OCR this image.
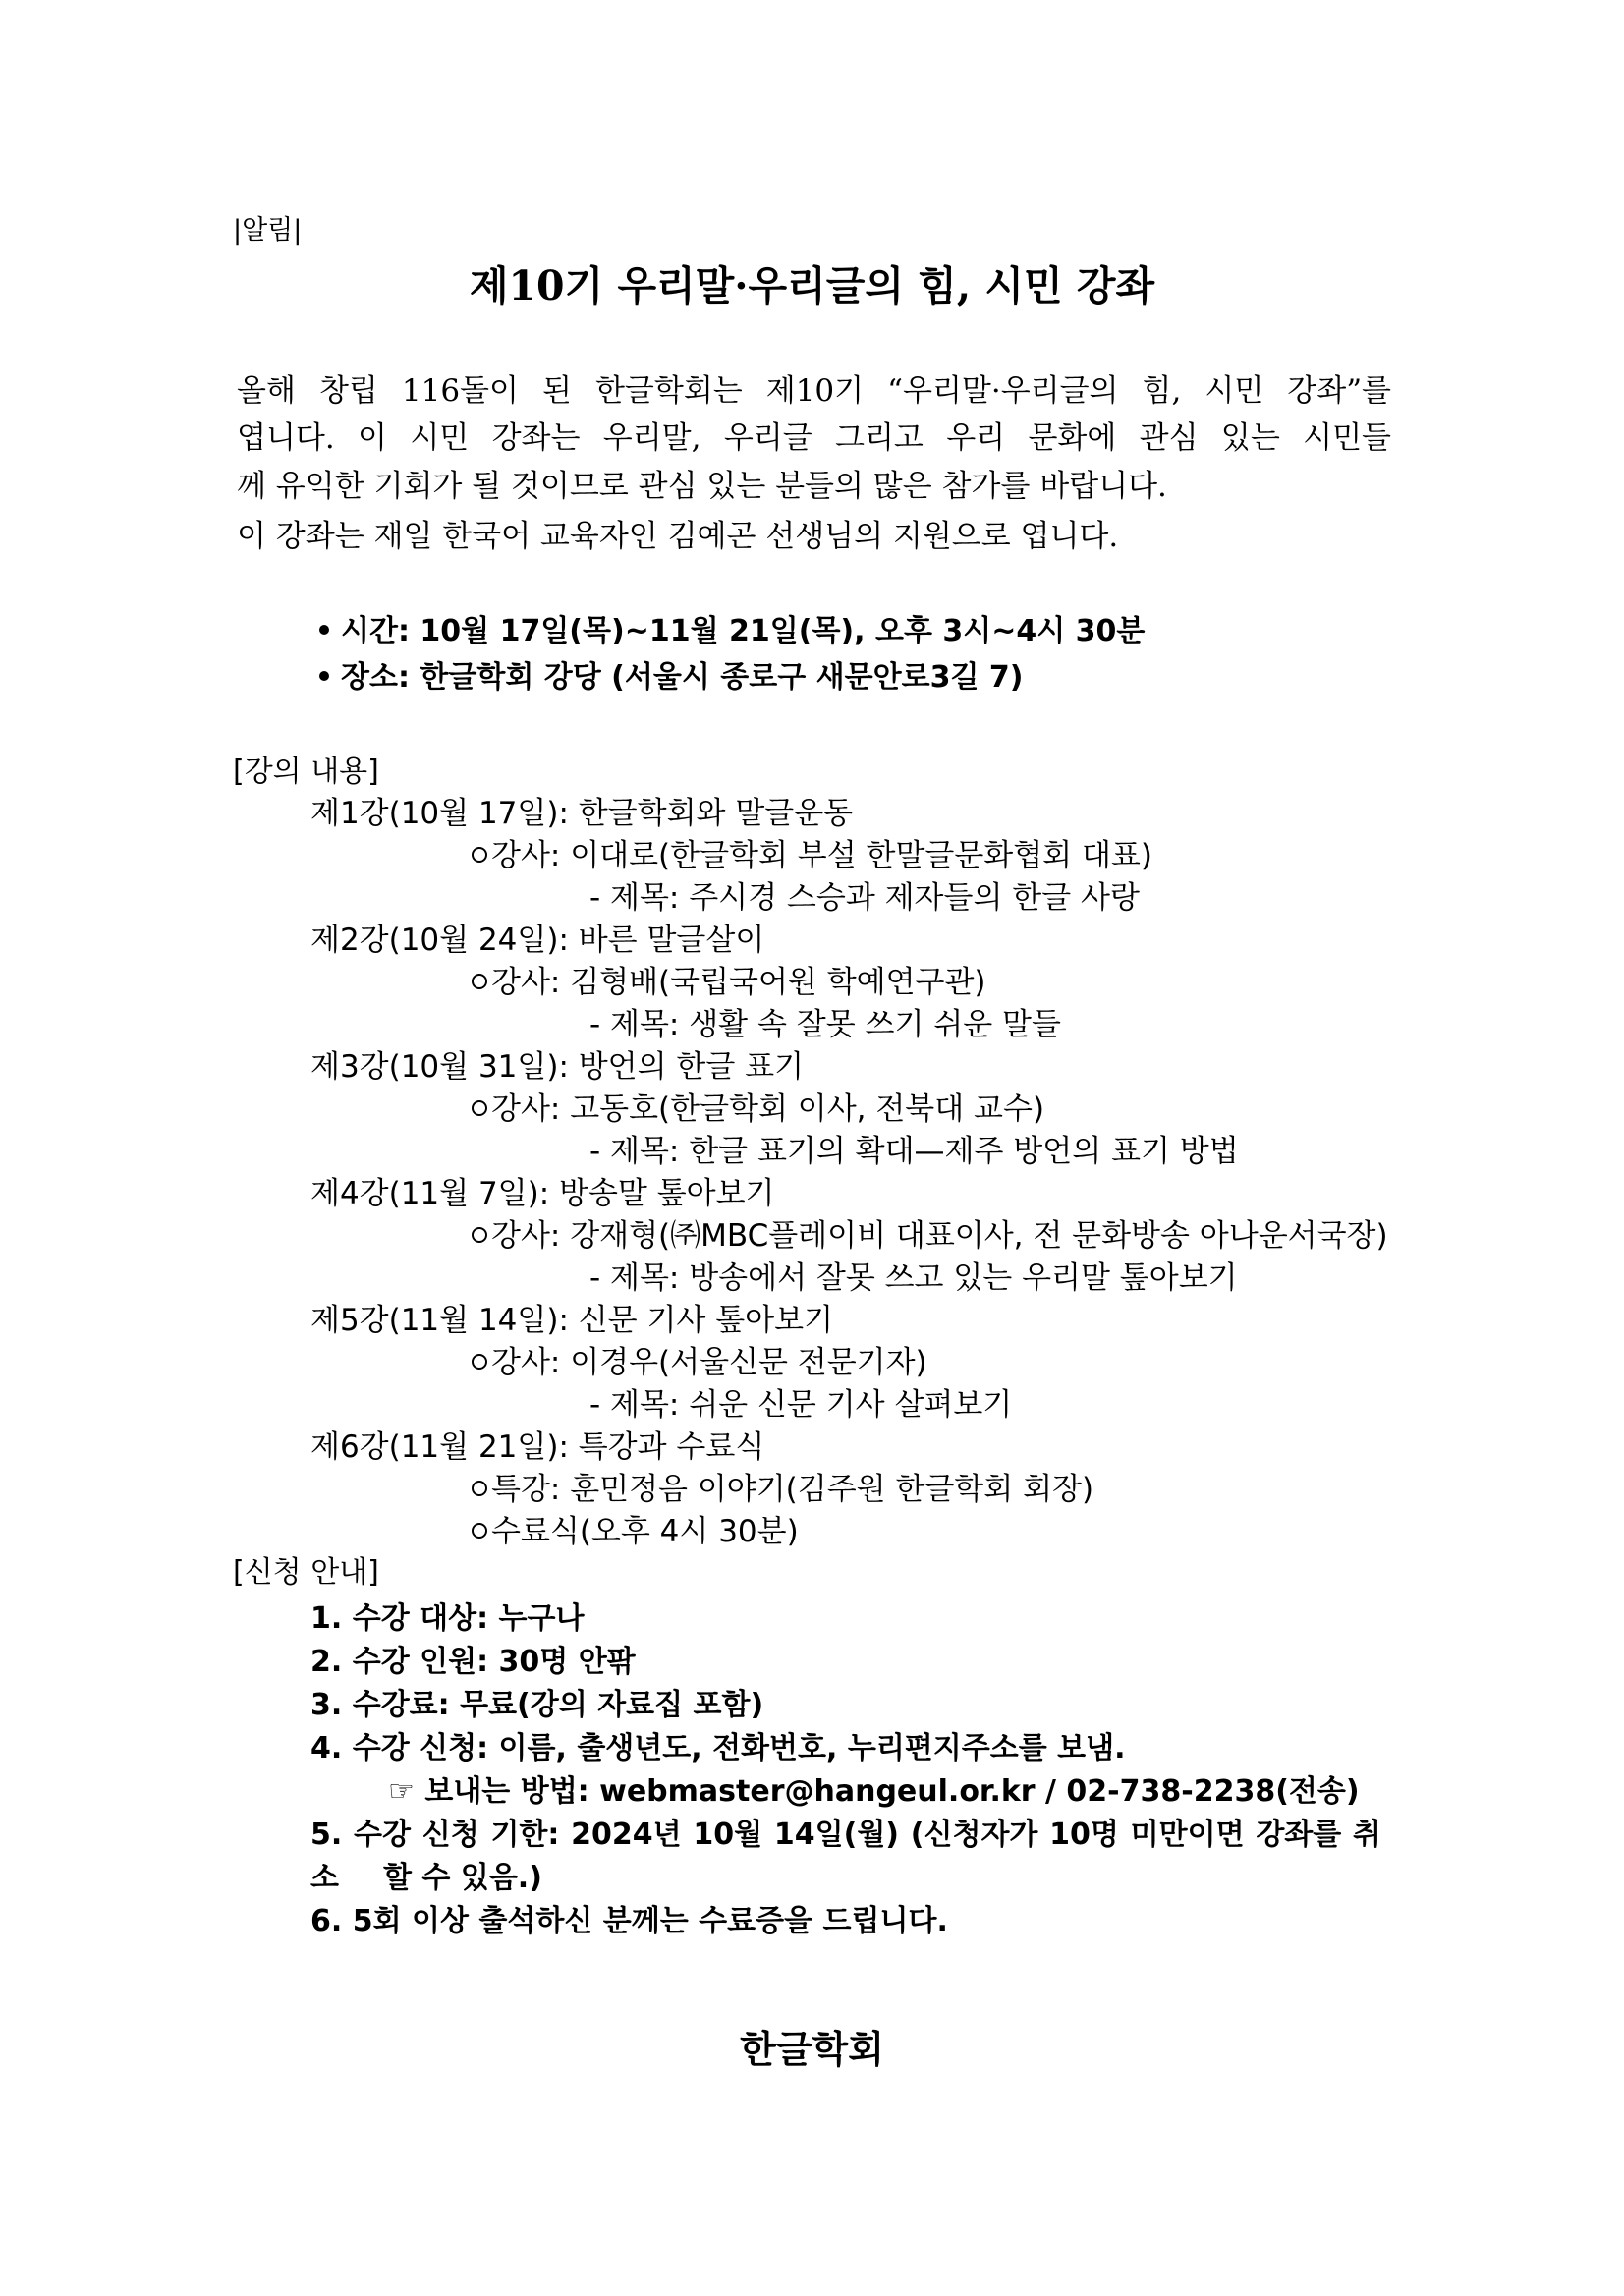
|알림|
제10기 우리말·우리글의 힘, 시민 강좌
올해 창립 116돌이 된 한글학회는 제10기 “우리말·우리글의 힘, 시민 강좌”를
엽니다. 이 시민 강좌는 우리말, 우리글 그리고 우리 문화에 관심 있는 시민들
께 유익한 기회가 될 것이므로 관심 있는 분들의 많은 참가를 바랍니다.
이 강좌는 재일 한국어 교육자인 김예곤 선생님의 지원으로 엽니다.
시간: 10월 17일(목)~11월 21일(목), 오후 3시~4시 30분
장소: 한글학회 강당 (서울시 종로구 새문안로3길 7)
[강의 내용]
제1강(10월 17일): 한글학회와 말글운동
강사: 이대로(한글학회 부설 한말글문화협회 대표)
- 제목: 주시경 스승과 제자들의 한글 사랑
제2강(10월 24일): 바른 말글살이
강사: 김형배(국립국어원 학예연구관)
- 제목: 생활 속 잘못 쓰기 쉬운 말들
제3강(10월 31일): 방언의 한글 표기
강사: 고동호(한글학회 이사, 전북대 교수)
- 제목: 한글 표기의 확대—제주 방언의 표기 방법
제4강(11월 7일): 방송말 톺아보기
강사: 강재형(㈜MBC플레이비 대표이사, 전 문화방송 아나운서국장)
- 제목: 방송에서 잘못 쓰고 있는 우리말 톺아보기
제5강(11월 14일): 신문 기사 톺아보기
강사: 이경우(서울신문 전문기자)
- 제목: 쉬운 신문 기사 살펴보기
제6강(11월 21일): 특강과 수료식
특강: 훈민정음 이야기(김주원 한글학회 회장)
수료식(오후 4시 30분)
[신청 안내]
1. 수강 대상: 누구나
2. 수강 인원: 30명 안팎
3. 수강료: 무료(강의 자료집 포함)
4. 수강 신청: 이름, 출생년도, 전화번호, 누리편지주소를 보냄.
☞ 보내는 방법: webmaster@hangeul.or.kr / 02-738-2238(전송)
5. 수강 신청 기한: 2024년 10월 14일(월) (신청자가 10명 미만이면 강좌를 취소	할 수 있음.)
6. 5회 이상 출석하신 분께는 수료증을 드립니다.
한글학회
